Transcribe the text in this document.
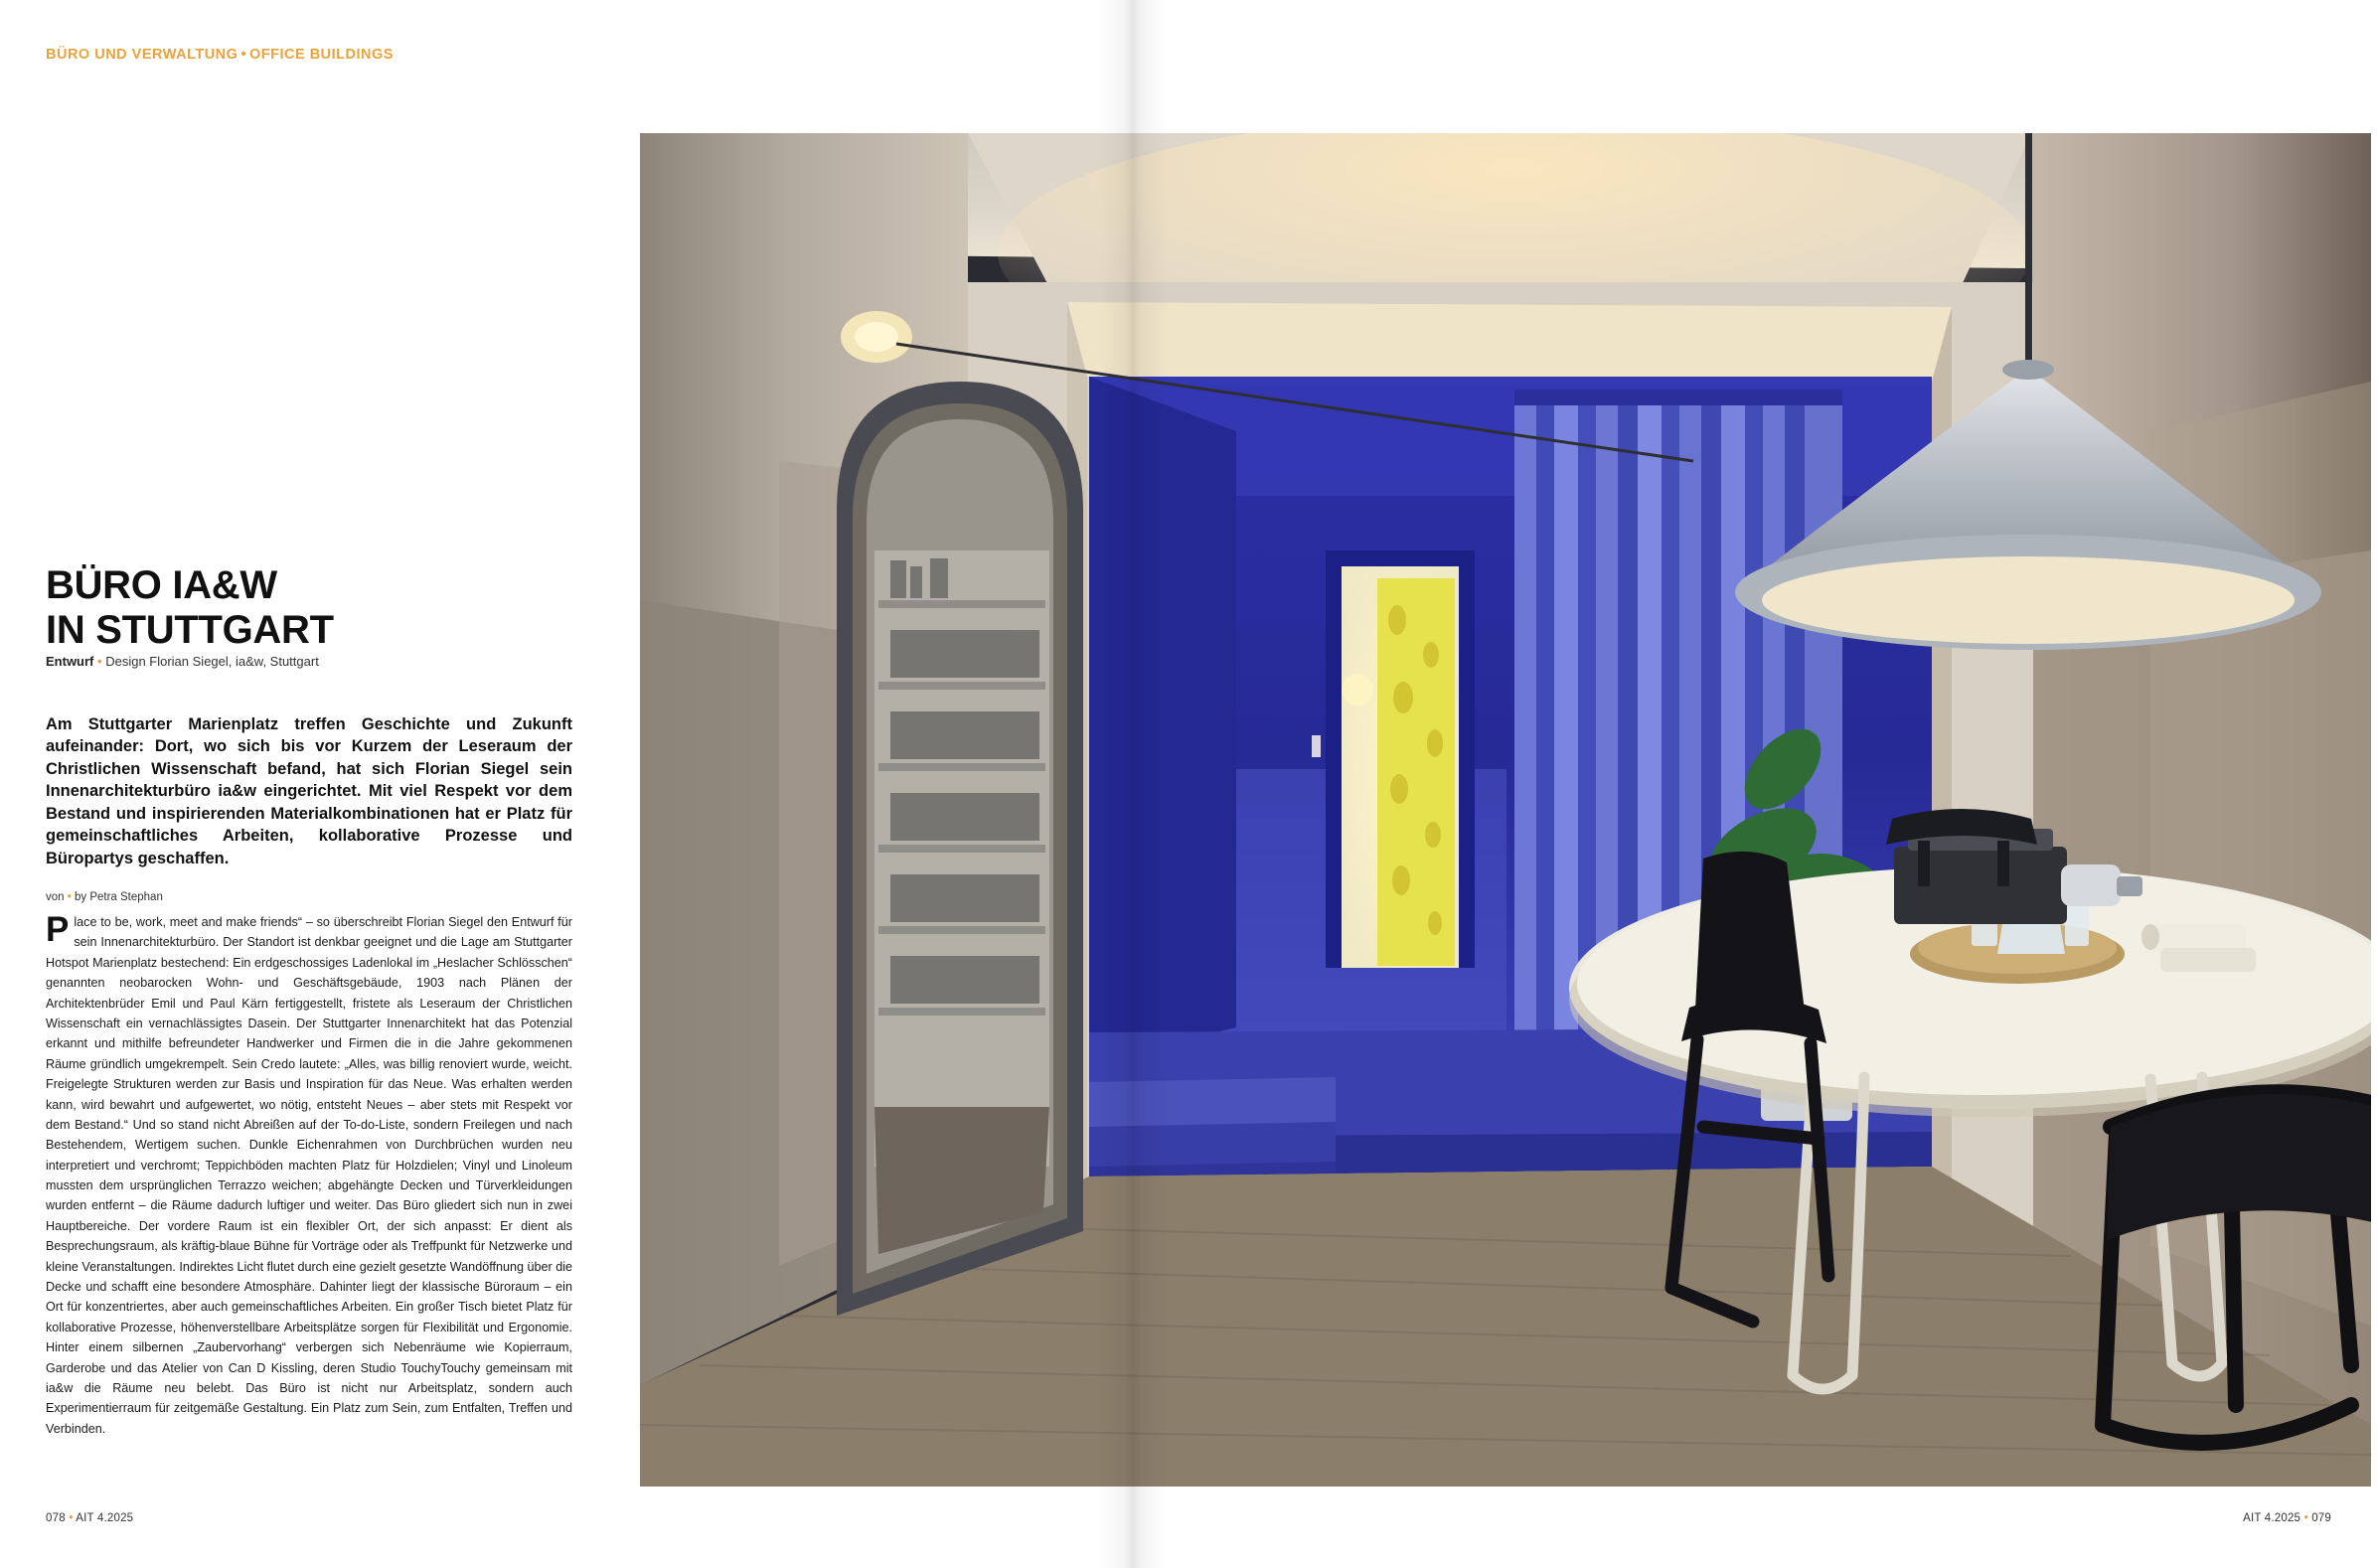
BÜRO UND VERWALTUNG • OFFICE BUILDINGS
BÜRO IA&W
IN STUTTGART
Entwurf • Design Florian Siegel, ia&w, Stuttgart
Am Stuttgarter Marienplatz treffen Geschichte und Zukunft aufeinander: Dort, wo sich bis vor Kurzem der Leseraum der Christlichen Wissenschaft befand, hat sich Florian Siegel sein Innenarchitekturbüro ia&w eingerichtet. Mit viel Respekt vor dem Bestand und inspirierenden Materialkombinationen hat er Platz für gemeinschaftliches Arbeiten, kollaborative Prozesse und Büropartys geschaffen.
von • by Petra Stephan
Place to be, work, meet and make friends“ – so überschreibt Florian Siegel den Entwurf für sein Innenarchitekturbüro. Der Standort ist denkbar geeignet und die Lage am Stuttgarter Hotspot Marienplatz bestechend: Ein erdgeschossiges Ladenlokal im „Heslacher Schlösschen“ genannten neobarocken Wohn- und Geschäftsgebäude, 1903 nach Plänen der Architektenbrüder Emil und Paul Kärn fertiggestellt, fristete als Leseraum der Christlichen Wissenschaft ein vernachlässigtes Dasein. Der Stuttgarter Innenarchitekt hat das Potenzial erkannt und mithilfe befreundeter Handwerker und Firmen die in die Jahre gekommenen Räume gründlich umgekrempelt. Sein Credo lautete: „Alles, was billig renoviert wurde, weicht. Freigelegte Strukturen werden zur Basis und Inspiration für das Neue. Was erhalten werden kann, wird bewahrt und aufgewertet, wo nötig, entsteht Neues – aber stets mit Respekt vor dem Bestand.“ Und so stand nicht Abreißen auf der To-do-Liste, sondern Freilegen und nach Bestehendem, Wertigem suchen. Dunkle Eichenrahmen von Durchbrüchen wurden neu interpretiert und verchromt; Teppichböden machten Platz für Holzdielen; Vinyl und Linoleum mussten dem ursprünglichen Terrazzo weichen; abgehängte Decken und Türverkleidungen wurden entfernt – die Räume dadurch luftiger und weiter. Das Büro gliedert sich nun in zwei Hauptbereiche. Der vordere Raum ist ein flexibler Ort, der sich anpasst: Er dient als Besprechungsraum, als kräftig-blaue Bühne für Vorträge oder als Treffpunkt für Netzwerke und kleine Veranstaltungen. Indirektes Licht flutet durch eine gezielt gesetzte Wandöffnung über die Decke und schafft eine besondere Atmosphäre. Dahinter liegt der klassische Büroraum – ein Ort für konzentriertes, aber auch gemeinschaftliches Arbeiten. Ein großer Tisch bietet Platz für kollaborative Prozesse, höhenverstellbare Arbeitsplätze sorgen für Flexibilität und Ergonomie. Hinter einem silbernen „Zaubervorhang“ verbergen sich Nebenräume wie Kopierraum, Garderobe und das Atelier von Can D Kissling, deren Studio TouchyTouchy gemeinsam mit ia&w die Räume neu belebt. Das Büro ist nicht nur Arbeitsplatz, sondern auch Experimentierraum für zeitgemäße Gestaltung. Ein Platz zum Sein, zum Entfalten, Treffen und Verbinden.
078 • AIT 4.2025	AIT 4.2025 • 079
